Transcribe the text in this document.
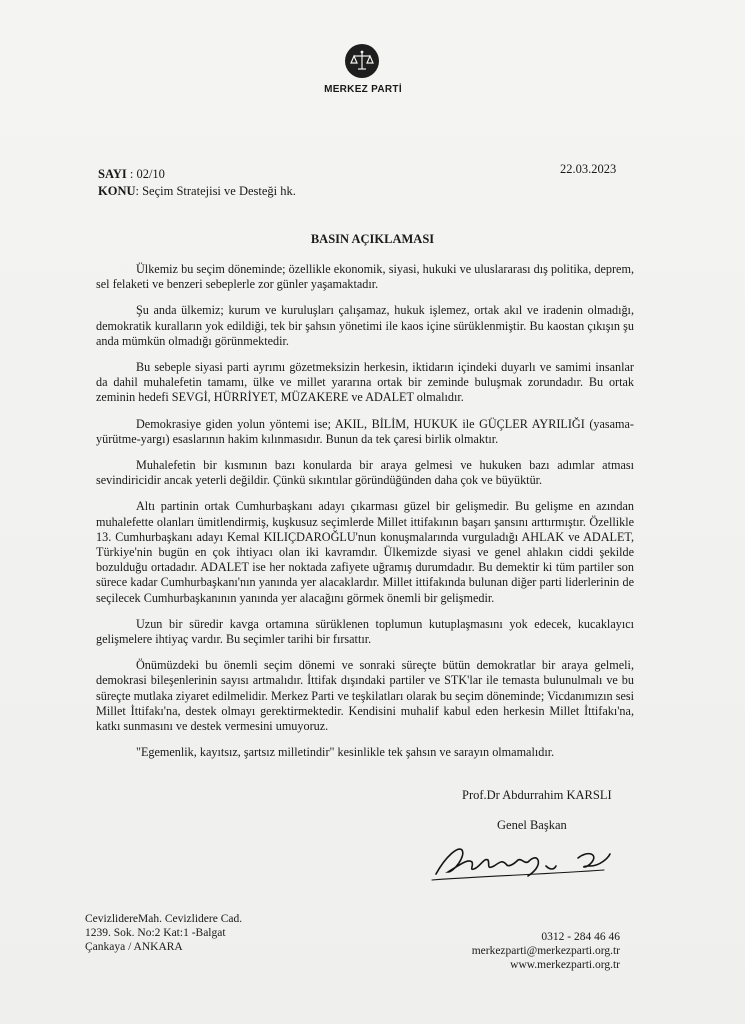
MERKEZ PARTİ
SAYI : 02/10
KONU: Seçim Stratejisi ve Desteği hk.
22.03.2023
BASIN AÇIKLAMASI

Ülkemiz bu seçim döneminde; özellikle ekonomik, siyasi, hukuki ve uluslararası dış politika, deprem, sel felaketi ve benzeri sebeplerle zor günler yaşamaktadır.

Şu anda ülkemiz; kurum ve kuruluşları çalışamaz, hukuk işlemez, ortak akıl ve iradenin olmadığı, demokratik kuralların yok edildiği, tek bir şahsın yönetimi ile kaos içine sürüklenmiştir. Bu kaostan çıkışın şu anda mümkün olmadığı görünmektedir.

Bu sebeple siyasi parti ayrımı gözetmeksizin herkesin, iktidarın içindeki duyarlı ve samimi insanlar da dahil muhalefetin tamamı, ülke ve millet yararına ortak bir zeminde buluşmak zorundadır. Bu ortak zeminin hedefi SEVGİ, HÜRRİYET, MÜZAKERE ve ADALET olmalıdır.

Demokrasiye giden yolun yöntemi ise; AKIL, BİLİM, HUKUK ile GÜÇLER AYRILIĞI (yasama-yürütme-yargı) esaslarının hakim kılınmasıdır. Bunun da tek çaresi birlik olmaktır.

Muhalefetin bir kısmının bazı konularda bir araya gelmesi ve hukuken bazı adımlar atması sevindiricidir ancak yeterli değildir. Çünkü sıkıntılar göründüğünden daha çok ve büyüktür.

Altı partinin ortak Cumhurbaşkanı adayı çıkarması güzel bir gelişmedir. Bu gelişme en azından muhalefette olanları ümitlendirmiş, kuşkusuz seçimlerde Millet ittifakının başarı şansını arttırmıştır. Özellikle 13. Cumhurbaşkanı adayı Kemal KILIÇDAROĞLU'nun konuşmalarında vurguladığı AHLAK ve ADALET, Türkiye'nin bugün en çok ihtiyacı olan iki kavramdır. Ülkemizde siyasi ve genel ahlakın ciddi şekilde bozulduğu ortadadır. ADALET ise her noktada zafiyete uğramış durumdadır. Bu demektir ki tüm partiler son sürece kadar Cumhurbaşkanı'nın yanında yer alacaklardır. Millet ittifakında bulunan diğer parti liderlerinin de seçilecek Cumhurbaşkanının yanında yer alacağını görmek önemli bir gelişmedir.

Uzun bir süredir kavga ortamına sürüklenen toplumun kutuplaşmasını yok edecek, kucaklayıcı gelişmelere ihtiyaç vardır. Bu seçimler tarihi bir fırsattır.

Önümüzdeki bu önemli seçim dönemi ve sonraki süreçte bütün demokratlar bir araya gelmeli, demokrasi bileşenlerinin sayısı artmalıdır. İttifak dışındaki partiler ve STK'lar ile temasta bulunulmalı ve bu süreçte mutlaka ziyaret edilmelidir. Merkez Parti ve teşkilatları olarak bu seçim döneminde; Vicdanımızın sesi Millet İttifakı'na, destek olmayı gerektirmektedir. Kendisini muhalif kabul eden herkesin Millet İttifakı'na, katkı sunmasını ve destek vermesini umuyoruz.

"Egemenlik, kayıtsız, şartsız milletindir" kesinlikle tek şahsın ve sarayın olmamalıdır.

Prof.Dr Abdurrahim KARSLI
Genel Başkan
CevizlidereMah. Cevizlidere Cad.
1239. Sok. No:2 Kat:1 -Balgat
Çankaya / ANKARA
0312 - 284 46 46
merkezparti@merkezparti.org.tr
www.merkezparti.org.tr
